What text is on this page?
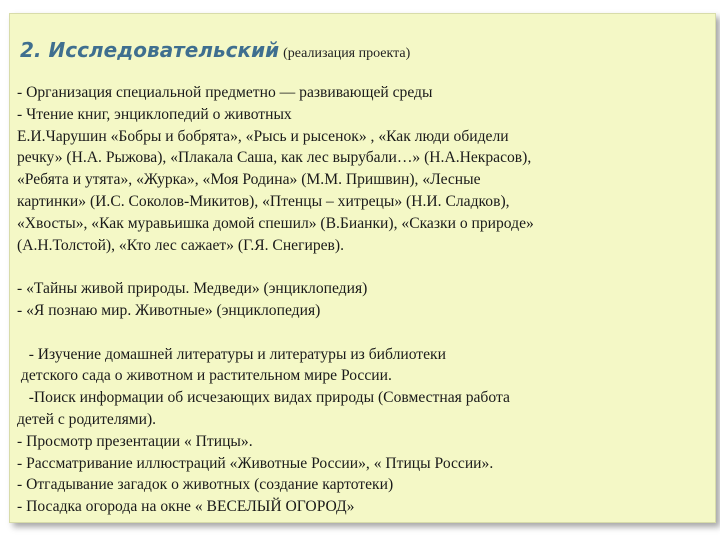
2. Исследовательский (реализация проекта)
- Организация специальной предметно — развивающей среды
- Чтение книг, энциклопедий о животных
Е.И.Чарушин «Бобры и бобрята», «Рысь и рысенок» , «Как люди обидели
речку» (Н.А. Рыжова), «Плакала Саша, как лес вырубали…» (Н.А.Некрасов),
«Ребята и утята», «Журка», «Моя Родина» (М.М. Пришвин), «Лесные
картинки» (И.С. Соколов-Микитов), «Птенцы – хитрецы» (Н.И. Сладков),
«Хвосты», «Как муравьишка домой спешил» (В.Бианки), «Сказки о природе»
(А.Н.Толстой), «Кто лес сажает» (Г.Я. Снегирев).
- «Тайны живой природы. Медведи» (энциклопедия)
- «Я познаю мир. Животные» (энциклопедия)
- Изучение домашней литературы и литературы из библиотеки
детского сада о животном и растительном мире России.
-Поиск информации об исчезающих видах природы (Совместная работа
детей с родителями).
- Просмотр презентации « Птицы».
- Рассматривание иллюстраций «Животные России», « Птицы России».
- Отгадывание загадок о животных (создание картотеки)
- Посадка огорода на окне « ВЕСЕЛЫЙ ОГОРОД»
